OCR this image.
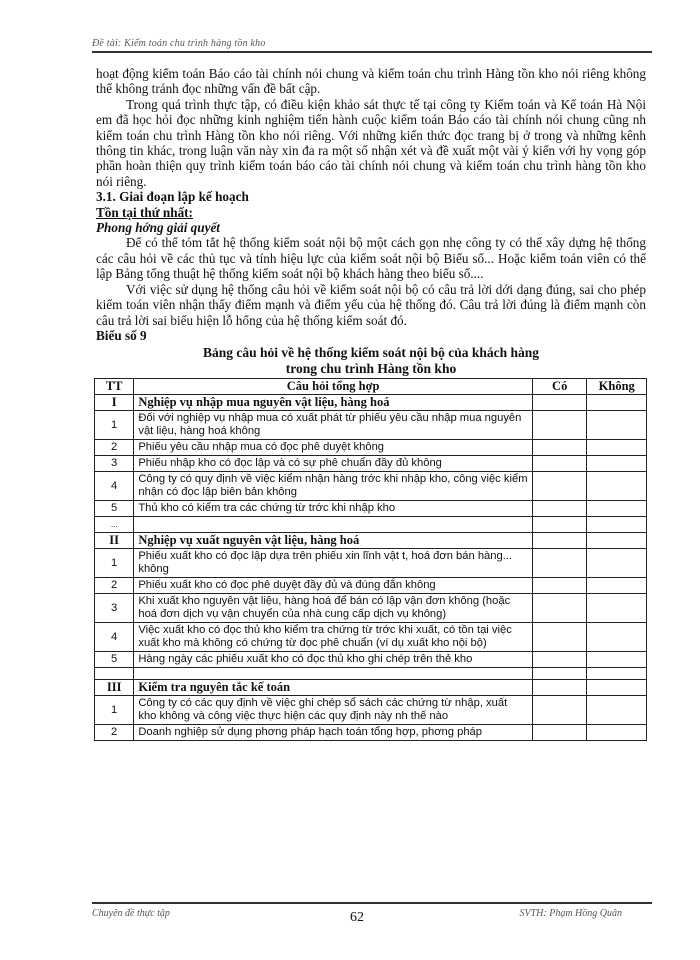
Đề tài: Kiểm toán chu trình hàng tồn kho

hoạt động kiểm toán Báo cáo tài chính nói chung và kiểm toán chu trình Hàng tồn kho nói riêng không thể không tránh đọc những vấn đề bất cập.

Trong quá trình thực tập, có điều kiện khảo sát thực tế tại công ty Kiểm toán và Kế toán Hà Nội em đã học hỏi đọc những kinh nghiệm tiến hành cuộc kiểm toán Báo cáo tài chính nói chung cũng nh kiểm toán chu trình Hàng tồn kho nói riêng. Với những kiến thức đọc trang bị ở trong và những kênh thông tin khác, trong luận văn này xin đa ra một số nhận xét và đề xuất một vài ý kiến với hy vọng góp phần hoàn thiện quy trình kiểm toán báo cáo tài chính nói chung và kiểm toán chu trình hàng tồn kho nói riêng.

3.1. Giai đoạn lập kế hoạch

Tồn tại thứ nhất:

Phong hớng giải quyết

Để có thể tóm tắt hệ thống kiểm soát nội bộ một cách gọn nhẹ công ty có thể xây dựng hệ thống các câu hỏi về các thủ tục và tính hiệu lực của kiểm soát nội bộ Biểu số... Hoặc kiểm toán viên có thể lập Bảng tổng thuật hệ thống kiểm soát nội bộ khách hàng theo biểu số....

Với việc sử dụng hệ thống câu hỏi về kiểm soát nội bộ có câu trả lời dới dạng đúng, sai cho phép kiểm toán viên nhận thấy điểm mạnh và điểm yếu của hệ thống đó. Câu trả lời đúng là điểm mạnh còn câu trả lời sai biểu hiện lỗ hổng của hệ thống kiểm soát đó.

Biểu số 9

Bảng câu hỏi về hệ thống kiểm soát nội bộ của khách hàng
trong chu trình Hàng tồn kho
TT	Câu hỏi tổng hợp	Có	Không
I	Nghiệp vụ nhập mua nguyên vật liệu, hàng hoá		
1	Đối với nghiệp vụ nhập mua có xuất phát từ phiếu yêu cầu nhập mua nguyên vật liệu, hàng hoá không		
2	Phiếu yêu cầu nhập mua có đọc phê duyệt không		
3	Phiếu nhập kho có đọc lập và có sự phê chuẩn đầy đủ không		
4	Công ty có quy định về việc kiểm nhận hàng trớc khi nhập kho, công việc kiểm nhận có đọc lập biên bản không		
5	Thủ kho có kiểm tra các chứng từ trớc khi nhập kho		
...			
II	Nghiệp vụ xuất nguyên vật liệu, hàng hoá		
1	Phiếu xuất kho có đọc lập dựa trên phiếu xin lĩnh vật t, hoá đơn bán hàng... không		
2	Phiếu xuất kho có đọc phê duyệt đầy đủ và đúng đắn không		
3	Khi xuất kho nguyên vật liệu, hàng hoá để bán có lập vận đơn không (hoặc hoá đơn dịch vụ vận chuyển của nhà cung cấp dịch vụ không)		
4	Việc xuất kho có đọc thủ kho kiểm tra chứng từ trớc khi xuất, có tồn tại việc xuất kho mà không có chứng từ đọc phê chuẩn (ví dụ xuất kho nội bộ)		
5	Hàng ngày các phiếu xuất kho có đọc thủ kho ghi chép trên thẻ kho		

III	Kiểm tra nguyên tắc kế toán		
1	Công ty có các quy định về việc ghi chép sổ sách các chứng từ nhập, xuất kho không và công việc thực hiện các quy định này nh thế nào		
2	Doanh nghiệp sử dụng phơng pháp hạch toán tổng hợp, phơng pháp		
Chuyên đề thực tập	62	SVTH: Phạm Hồng Quân
